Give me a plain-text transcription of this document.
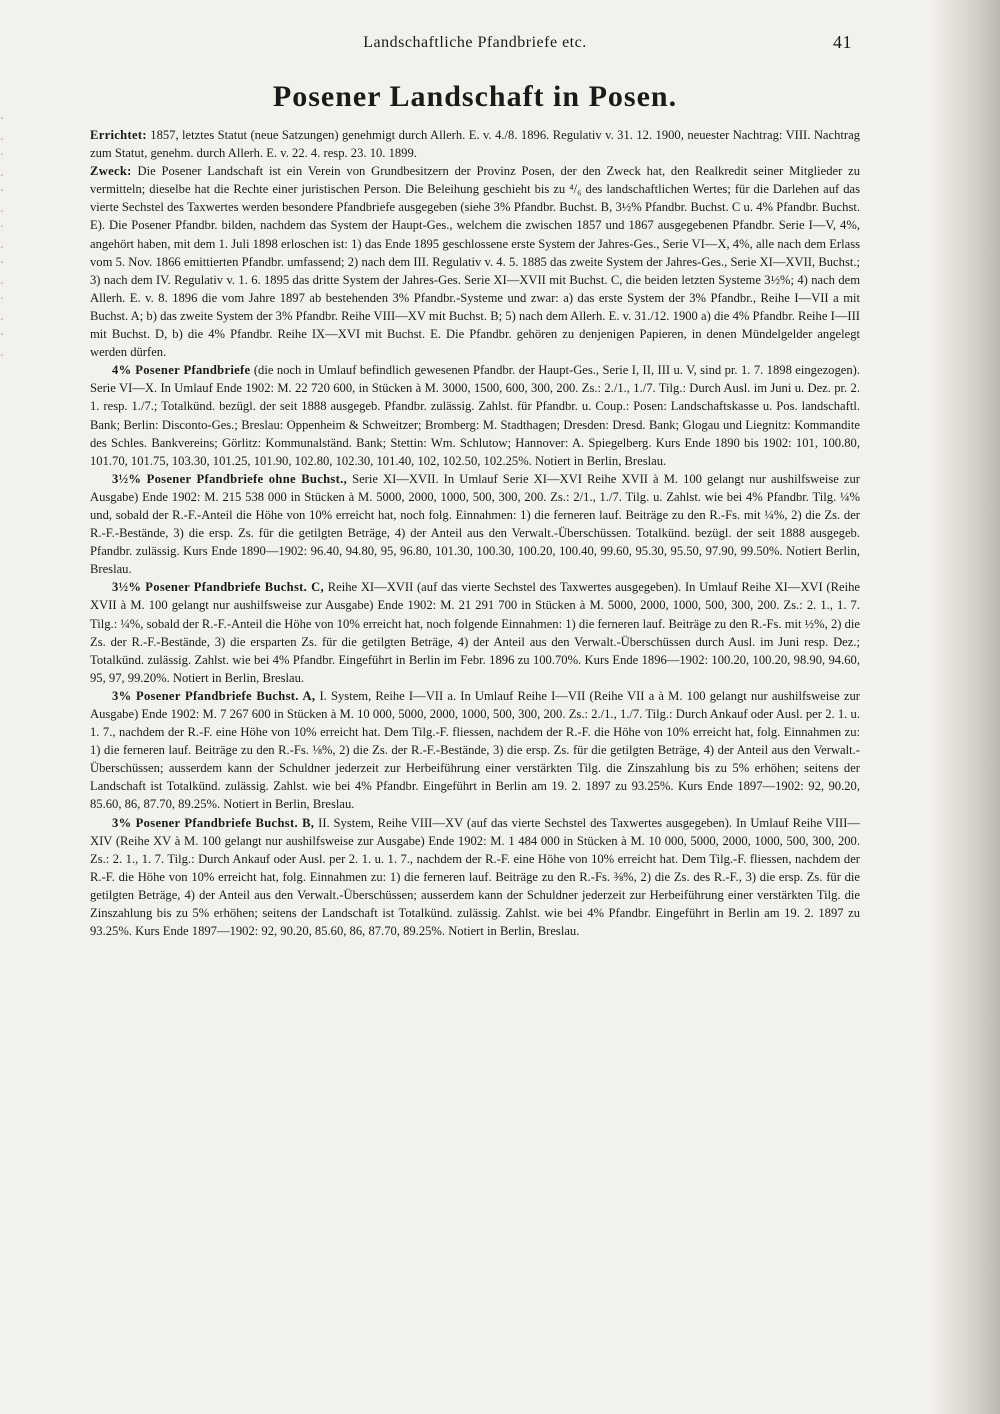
·
.
·
.
·
.
·
.
·
.
·
.
·
.
Landschaftliche Pfandbriefe etc.	41
Posener Landschaft in Posen.

Errichtet: 1857, letztes Statut (neue Satzungen) genehmigt durch Allerh. E. v. 4./8. 1896. Regulativ v. 31. 12. 1900, neuester Nachtrag: VIII. Nachtrag zum Statut, genehm. durch Allerh. E. v. 22. 4. resp. 23. 10. 1899.

Zweck: Die Posener Landschaft ist ein Verein von Grundbesitzern der Provinz Posen, der den Zweck hat, den Realkredit seiner Mitglieder zu vermitteln; dieselbe hat die Rechte einer juristischen Person. Die Beleihung geschieht bis zu ⁴/₆ des landschaftlichen Wertes; für die Darlehen auf das vierte Sechstel des Taxwertes werden besondere Pfandbriefe ausgegeben (siehe 3% Pfandbr. Buchst. B, 3½% Pfandbr. Buchst. C u. 4% Pfandbr. Buchst. E). Die Posener Pfandbr. bilden, nachdem das System der Haupt-Ges., welchem die zwischen 1857 und 1867 ausgegebenen Pfandbr. Serie I—V, 4%, angehört haben, mit dem 1. Juli 1898 erloschen ist: 1) das Ende 1895 geschlossene erste System der Jahres-Ges., Serie VI—X, 4%, alle nach dem Erlass vom 5. Nov. 1866 emittierten Pfandbr. umfassend; 2) nach dem III. Regulativ v. 4. 5. 1885 das zweite System der Jahres-Ges., Serie XI—XVII, Buchst.; 3) nach dem IV. Regulativ v. 1. 6. 1895 das dritte System der Jahres-Ges. Serie XI—XVII mit Buchst. C, die beiden letzten Systeme 3½%; 4) nach dem Allerh. E. v. 8. 1896 die vom Jahre 1897 ab bestehenden 3% Pfandbr.-Systeme und zwar: a) das erste System der 3% Pfandbr., Reihe I—VII a mit Buchst. A; b) das zweite System der 3% Pfandbr. Reihe VIII—XV mit Buchst. B; 5) nach dem Allerh. E. v. 31./12. 1900 a) die 4% Pfandbr. Reihe I—III mit Buchst. D, b) die 4% Pfandbr. Reihe IX—XVI mit Buchst. E. Die Pfandbr. gehören zu denjenigen Papieren, in denen Mündelgelder angelegt werden dürfen.

4% Posener Pfandbriefe (die noch in Umlauf befindlich gewesenen Pfandbr. der Haupt-Ges., Serie I, II, III u. V, sind pr. 1. 7. 1898 eingezogen). Serie VI—X. In Umlauf Ende 1902: M. 22 720 600, in Stücken à M. 3000, 1500, 600, 300, 200. Zs.: 2./1., 1./7. Tilg.: Durch Ausl. im Juni u. Dez. pr. 2. 1. resp. 1./7.; Totalkünd. bezügl. der seit 1888 ausgegeb. Pfandbr. zulässig. Zahlst. für Pfandbr. u. Coup.: Posen: Landschaftskasse u. Pos. landschaftl. Bank; Berlin: Disconto-Ges.; Breslau: Oppenheim & Schweitzer; Bromberg: M. Stadthagen; Dresden: Dresd. Bank; Glogau und Liegnitz: Kommandite des Schles. Bankvereins; Görlitz: Kommunalständ. Bank; Stettin: Wm. Schlutow; Hannover: A. Spiegelberg. Kurs Ende 1890 bis 1902: 101, 100.80, 101.70, 101.75, 103.30, 101.25, 101.90, 102.80, 102.30, 101.40, 102, 102.50, 102.25%. Notiert in Berlin, Breslau.

3½% Posener Pfandbriefe ohne Buchst., Serie XI—XVII. In Umlauf Serie XI—XVI Reihe XVII à M. 100 gelangt nur aushilfsweise zur Ausgabe) Ende 1902: M. 215 538 000 in Stücken à M. 5000, 2000, 1000, 500, 300, 200. Zs.: 2/1., 1./7. Tilg. u. Zahlst. wie bei 4% Pfandbr. Tilg. ¼% und, sobald der R.-F.-Anteil die Höhe von 10% erreicht hat, noch folg. Einnahmen: 1) die ferneren lauf. Beiträge zu den R.-Fs. mit ¼%, 2) die Zs. der R.-F.-Bestände, 3) die ersp. Zs. für die getilgten Beträge, 4) der Anteil aus den Verwalt.-Überschüssen. Totalkünd. bezügl. der seit 1888 ausgegeb. Pfandbr. zulässig. Kurs Ende 1890—1902: 96.40, 94.80, 95, 96.80, 101.30, 100.30, 100.20, 100.40, 99.60, 95.30, 95.50, 97.90, 99.50%. Notiert Berlin, Breslau.

3½% Posener Pfandbriefe Buchst. C, Reihe XI—XVII (auf das vierte Sechstel des Taxwertes ausgegeben). In Umlauf Reihe XI—XVI (Reihe XVII à M. 100 gelangt nur aushilfsweise zur Ausgabe) Ende 1902: M. 21 291 700 in Stücken à M. 5000, 2000, 1000, 500, 300, 200. Zs.: 2. 1., 1. 7. Tilg.: ¼%, sobald der R.-F.-Anteil die Höhe von 10% erreicht hat, noch folgende Einnahmen: 1) die ferneren lauf. Beiträge zu den R.-Fs. mit ½%, 2) die Zs. der R.-F.-Bestände, 3) die ersparten Zs. für die getilgten Beträge, 4) der Anteil aus den Verwalt.-Überschüssen durch Ausl. im Juni resp. Dez.; Totalkünd. zulässig. Zahlst. wie bei 4% Pfandbr. Eingeführt in Berlin im Febr. 1896 zu 100.70%. Kurs Ende 1896—1902: 100.20, 100.20, 98.90, 94.60, 95, 97, 99.20%. Notiert in Berlin, Breslau.

3% Posener Pfandbriefe Buchst. A, I. System, Reihe I—VII a. In Umlauf Reihe I—VII (Reihe VII a à M. 100 gelangt nur aushilfsweise zur Ausgabe) Ende 1902: M. 7 267 600 in Stücken à M. 10 000, 5000, 2000, 1000, 500, 300, 200. Zs.: 2./1., 1./7. Tilg.: Durch Ankauf oder Ausl. per 2. 1. u. 1. 7., nachdem der R.-F. eine Höhe von 10% erreicht hat. Dem Tilg.-F. fliessen, nachdem der R.-F. die Höhe von 10% erreicht hat, folg. Einnahmen zu: 1) die ferneren lauf. Beiträge zu den R.-Fs. ⅛%, 2) die Zs. der R.-F.-Bestände, 3) die ersp. Zs. für die getilgten Beträge, 4) der Anteil aus den Verwalt.-Überschüssen; ausserdem kann der Schuldner jederzeit zur Herbeiführung einer verstärkten Tilg. die Zinszahlung bis zu 5% erhöhen; seitens der Landschaft ist Totalkünd. zulässig. Zahlst. wie bei 4% Pfandbr. Eingeführt in Berlin am 19. 2. 1897 zu 93.25%. Kurs Ende 1897—1902: 92, 90.20, 85.60, 86, 87.70, 89.25%. Notiert in Berlin, Breslau.

3% Posener Pfandbriefe Buchst. B, II. System, Reihe VIII—XV (auf das vierte Sechstel des Taxwertes ausgegeben). In Umlauf Reihe VIII—XIV (Reihe XV à M. 100 gelangt nur aushilfsweise zur Ausgabe) Ende 1902: M. 1 484 000 in Stücken à M. 10 000, 5000, 2000, 1000, 500, 300, 200. Zs.: 2. 1., 1. 7. Tilg.: Durch Ankauf oder Ausl. per 2. 1. u. 1. 7., nachdem der R.-F. eine Höhe von 10% erreicht hat. Dem Tilg.-F. fliessen, nachdem der R.-F. die Höhe von 10% erreicht hat, folg. Einnahmen zu: 1) die ferneren lauf. Beiträge zu den R.-Fs. ⅜%, 2) die Zs. des R.-F., 3) die ersp. Zs. für die getilgten Beträge, 4) der Anteil aus den Verwalt.-Überschüssen; ausserdem kann der Schuldner jederzeit zur Herbeiführung einer verstärkten Tilg. die Zinszahlung bis zu 5% erhöhen; seitens der Landschaft ist Totalkünd. zulässig. Zahlst. wie bei 4% Pfandbr. Eingeführt in Berlin am 19. 2. 1897 zu 93.25%. Kurs Ende 1897—1902: 92, 90.20, 85.60, 86, 87.70, 89.25%. Notiert in Berlin, Breslau.
